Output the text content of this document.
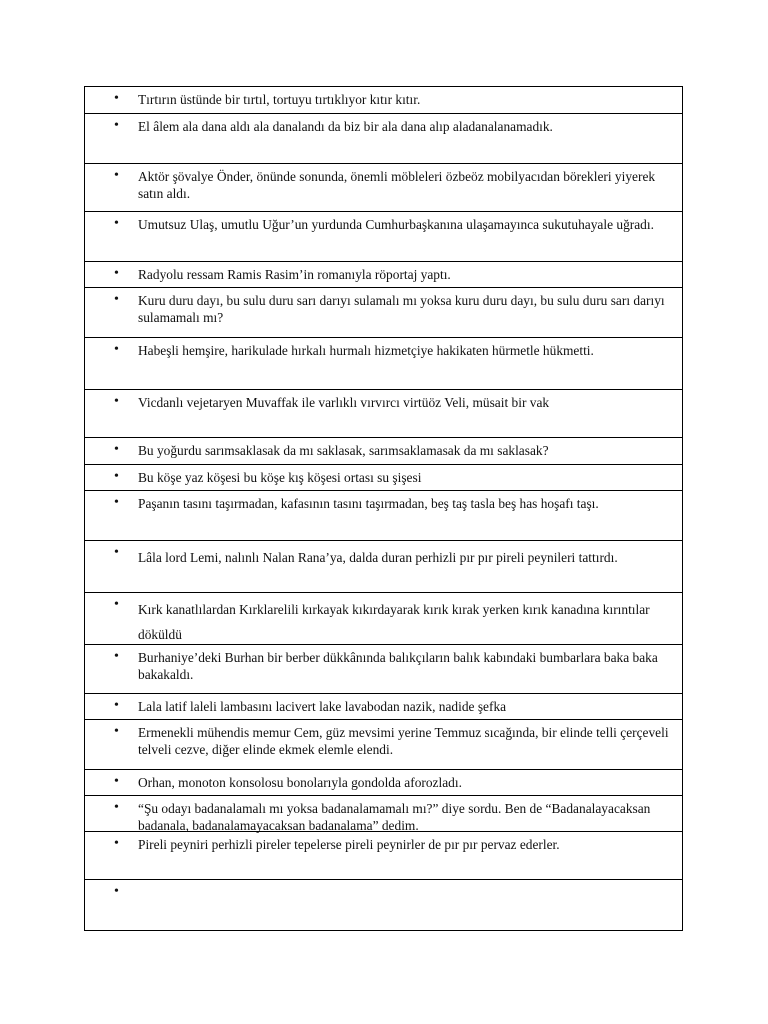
• Tırtırın üstünde bir tırtıl, tortuyu tırtıklıyor kıtır kıtır.
• El âlem ala dana aldı ala danalandı da biz bir ala dana alıp aladanalanamadık.
• Aktör şövalye Önder, önünde sonunda, önemli möbleleri özbeöz mobilyacıdan börekleri yiyerek satın aldı.
• Umutsuz Ulaş, umutlu Uğur’un yurdunda Cumhurbaşkanına ulaşamayınca sukutuhayale uğradı.
• Radyolu ressam Ramis Rasim’in romanıyla röportaj yaptı.
• Kuru duru dayı, bu sulu duru sarı darıyı sulamalı mı yoksa kuru duru dayı, bu sulu duru sarı darıyı sulamamalı mı?
• Habeşli hemşire, harikulade hırkalı hurmalı hizmetçiye hakikaten hürmetle hükmetti.
• Vicdanlı vejetaryen Muvaffak ile varlıklı vırvırcı virtüöz Veli, müsait bir vak
• Bu yoğurdu sarımsaklasak da mı saklasak, sarımsaklamasak da mı saklasak?
• Bu köşe yaz köşesi bu köşe kış köşesi ortası su şişesi
• Paşanın tasını taşırmadan, kafasının tasını taşırmadan, beş taş tasla beş has hoşafı taşı.
• Lâla lord Lemi, nalınlı Nalan Rana’ya, dalda duran perhizli pır pır pireli peynileri tattırdı.
• Kırk kanatlılardan Kırklarelili kırkayak kıkırdayarak kırık kırak yerken kırık kanadına kırıntılar döküldü
• Burhaniye’deki Burhan bir berber dükkânında balıkçıların balık kabındaki bumbarlara baka baka bakakaldı.
• Lala latif laleli lambasını lacivert lake lavabodan nazik, nadide şefka
• Ermenekli mühendis memur Cem, güz mevsimi yerine Temmuz sıcağında, bir elinde telli çerçeveli telveli cezve, diğer elinde ekmek elemle elendi.
• Orhan, monoton konsolosu bonolarıyla gondolda aforozladı.
• “Şu odayı badanalamalı mı yoksa badanalamamalı mı?” diye sordu. Ben de “Badanalayacaksan badanala, badanalamayacaksan badanalama” dedim.
• Pireli peyniri perhizli pireler tepelerse pireli peynirler de pır pır pervaz ederler.
•
